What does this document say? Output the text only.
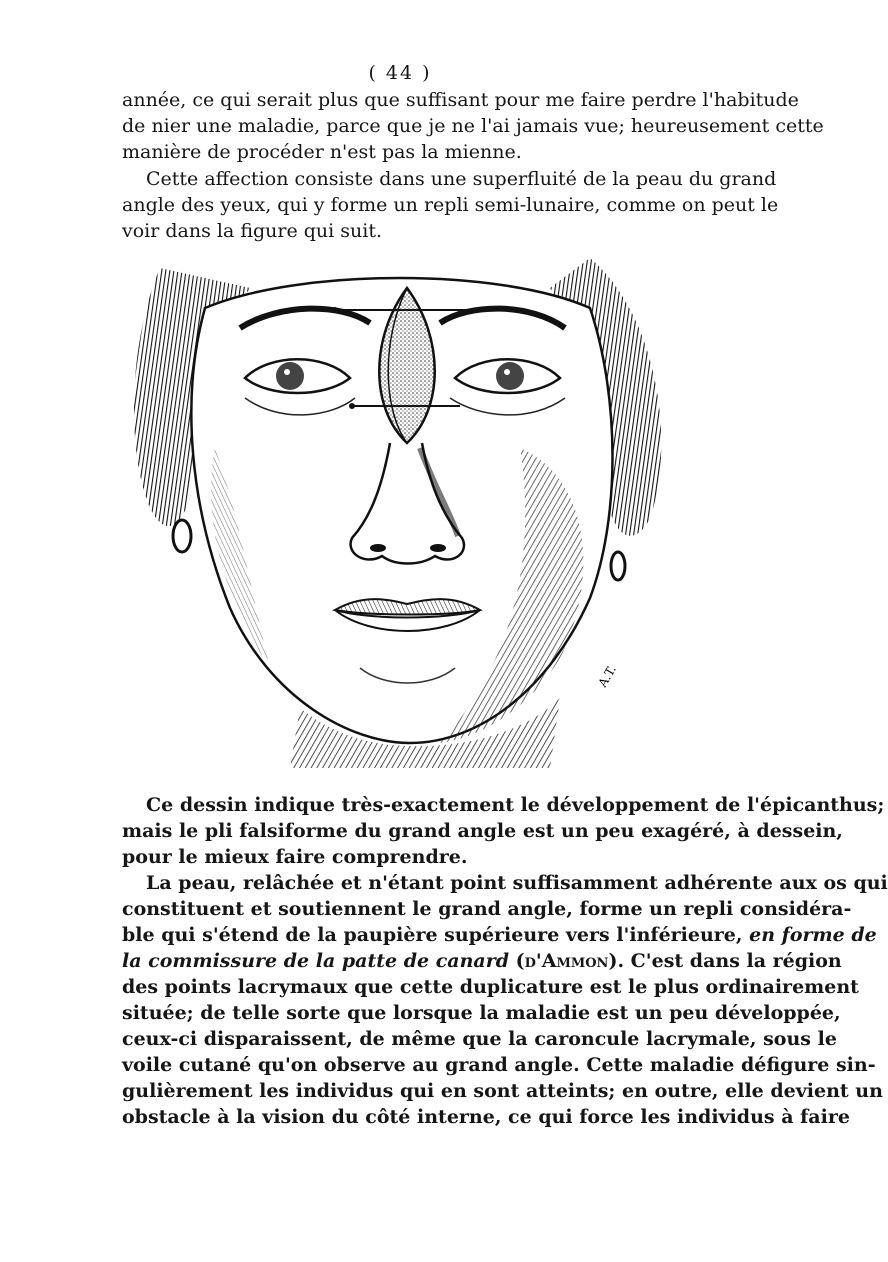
( 44 )

année, ce qui serait plus que suffisant pour me faire perdre l'habitude
de nier une maladie, parce que je ne l'ai jamais vue; heureusement cette
manière de procéder n'est pas la mienne.

Cette affection consiste dans une superfluité de la peau du grand
angle des yeux, qui y forme un repli semi-lunaire, comme on peut le
voir dans la figure qui suit.

A.T.

Ce dessin indique très-exactement le développement de l'épicanthus;
mais le pli falsiforme du grand angle est un peu exagéré, à dessein,
pour le mieux faire comprendre.

La peau, relâchée et n'étant point suffisamment adhérente aux os qui
constituent et soutiennent le grand angle, forme un repli considéra-
ble qui s'étend de la paupière supérieure vers l'inférieure, en forme de
la commissure de la patte de canard (d'Ammon). C'est dans la région
des points lacrymaux que cette duplicature est le plus ordinairement
située; de telle sorte que lorsque la maladie est un peu développée,
ceux-ci disparaissent, de même que la caroncule lacrymale, sous le
voile cutané qu'on observe au grand angle. Cette maladie défigure sin-
gulièrement les individus qui en sont atteints; en outre, elle devient un
obstacle à la vision du côté interne, ce qui force les individus à faire
